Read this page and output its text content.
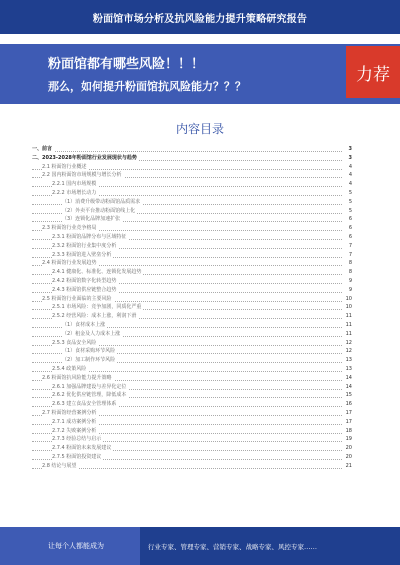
粉面馆市场分析及抗风险能力提升策略研究报告
粉面馆都有哪些风险！！！
那么，如何提升粉面馆抗风险能力？？？
力荐
内容目录
一、前言	3
二、2023-2028年粉面馆行业发展现状与趋势	3
2.1 粉面馆行业概述	4
2.2 国内粉面馆市场规模与增长分析	4
2.2.1 国内市场规模	4
2.2.2 市场增长动力	5
（1）消费升级带动粉面馆品质需求	5
（2）外卖平台推动粉面馆线上化	5
（3）连锁化品牌加速扩张	6
2.3 粉面馆行业竞争格局	6
2.3.1 粉面馆品牌分布与区域特征	6
2.3.2 粉面馆行业集中度分析	7
2.3.3 粉面馆进入壁垒分析	7
2.4 粉面馆行业发展趋势	8
2.4.1 健康化、标准化、连锁化发展趋势	8
2.4.2 粉面馆数字化转型趋势	9
2.4.3 粉面馆供应链整合趋势	9
2.5 粉面馆行业面临的主要风险	10
2.5.1 市场风险：竞争加剧，同质化严重	10
2.5.2 经营风险：成本上涨，利润下滑	11
（1）食材成本上涨	11
（2）租金及人力成本上涨	11
2.5.3 食品安全风险	12
（1）食材采购环节风险	12
（2）加工制作环节风险	13
2.5.4 政策风险	13
2.6 粉面馆抗风险能力提升策略	14
2.6.1 加强品牌建设与差异化定位	14
2.6.2 优化供应链管理，降低成本	15
2.6.3 建立食品安全管理体系	16
2.7 粉面馆经营案例分析	17
2.7.1 成功案例分析	17
2.7.2 失败案例分析	18
2.7.3 经验总结与启示	19
2.7.4 粉面馆未来发展建议	20
2.7.5 粉面馆投资建议	20
2.8 结论与展望	21
让每个人都能成为	行业专家、管理专家、营销专家、战略专家、风控专家……
